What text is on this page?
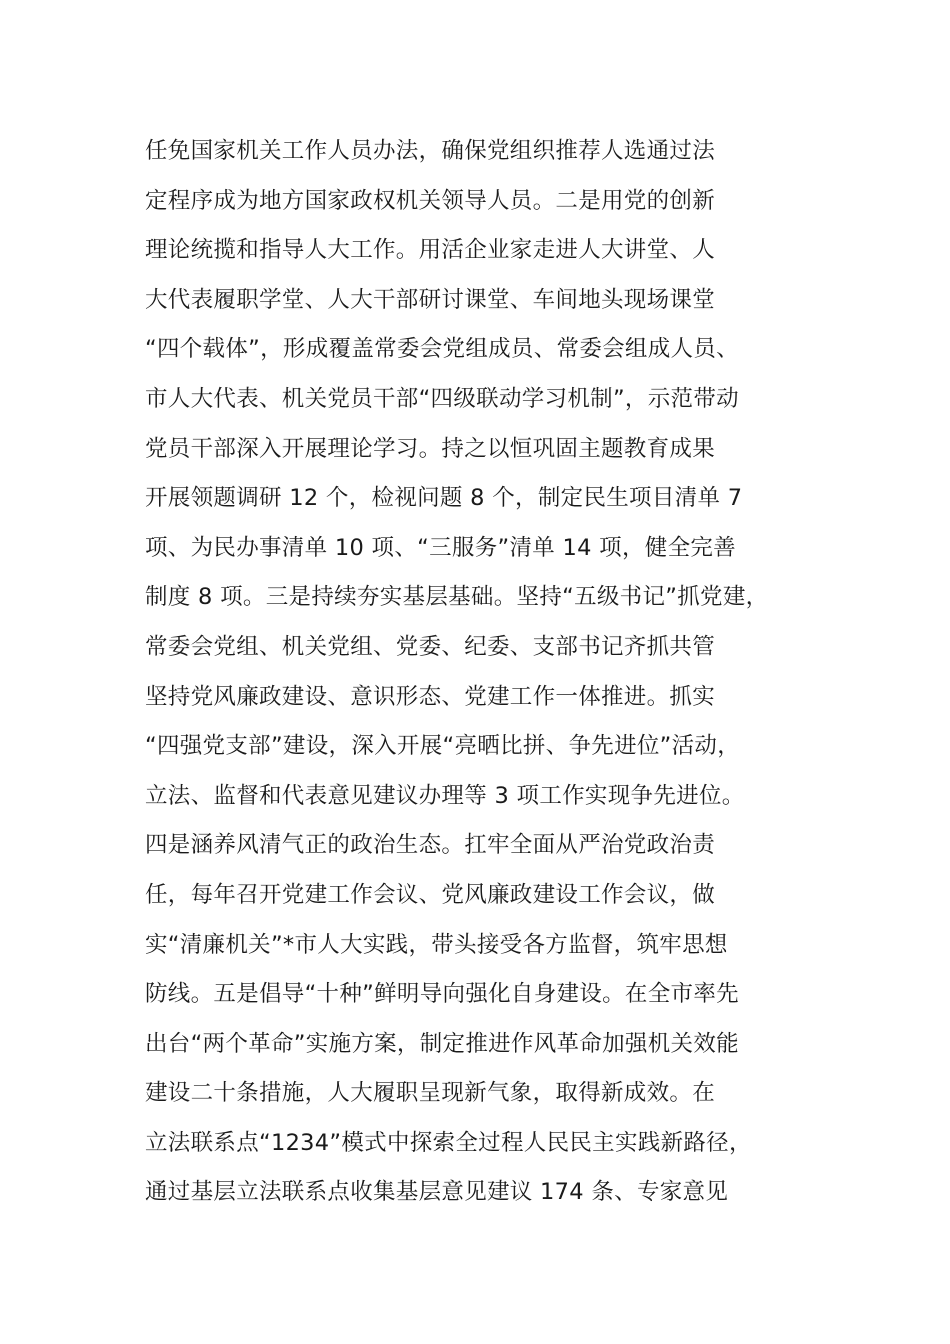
任免国家机关工作人员办法，确保党组织推荐人选通过法
定程序成为地方国家政权机关领导人员。二是用党的创新
理论统揽和指导人大工作。用活企业家走进人大讲堂、人
大代表履职学堂、人大干部研讨课堂、车间地头现场课堂
“四个载体”，形成覆盖常委会党组成员、常委会组成人员、
市人大代表、机关党员干部“四级联动学习机制”，示范带动
党员干部深入开展理论学习。持之以恒巩固主题教育成果
开展领题调研 12 个，检视问题 8 个，制定民生项目清单 7
项、为民办事清单 10 项、“三服务”清单 14 项，健全完善
制度 8 项。三是持续夯实基层基础。坚持“五级书记”抓党建，
常委会党组、机关党组、党委、纪委、支部书记齐抓共管
坚持党风廉政建设、意识形态、党建工作一体推进。抓实
“四强党支部”建设，深入开展“亮晒比拼、争先进位”活动，
立法、监督和代表意见建议办理等 3 项工作实现争先进位。
四是涵养风清气正的政治生态。扛牢全面从严治党政治责
任，每年召开党建工作会议、党风廉政建设工作会议，做
实“清廉机关”*市人大实践，带头接受各方监督，筑牢思想
防线。五是倡导“十种”鲜明导向强化自身建设。在全市率先
出台“两个革命”实施方案，制定推进作风革命加强机关效能
建设二十条措施，人大履职呈现新气象，取得新成效。在
立法联系点“1234”模式中探索全过程人民民主实践新路径，
通过基层立法联系点收集基层意见建议 174 条、专家意见
